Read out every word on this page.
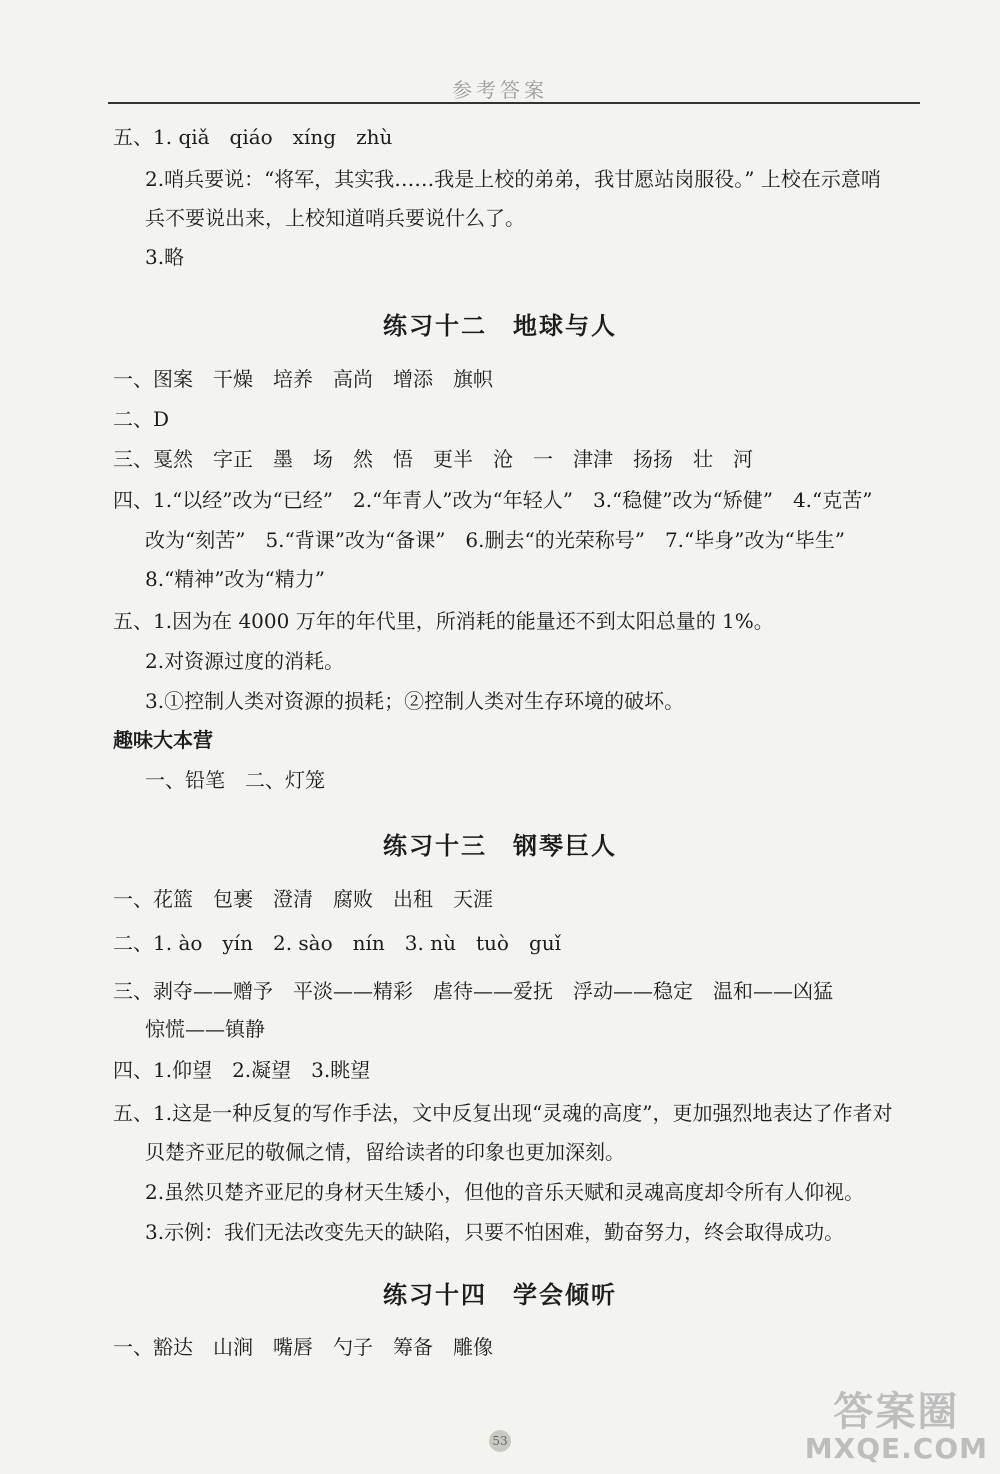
参考答案
五、1. qiǎ　qiáo　xíng　zhù
2.哨兵要说：“将军，其实我……我是上校的弟弟，我甘愿站岗服役。” 上校在示意哨
兵不要说出来，上校知道哨兵要说什么了。
3.略
练习十二　地球与人
一、图案　干燥　培养　高尚　增添　旗帜
二、D
三、戛然　字正　墨　场　然　悟　更半　沧　一　津津　扬扬　壮　河
四、1.“以经”改为“已经”　2.“年青人”改为“年轻人”　3.“稳健”改为“矫健”　4.“克苦”
改为“刻苦”　5.“背课”改为“备课”　6.删去“的光荣称号”　7.“毕身”改为“毕生”
8.“精神”改为“精力”
五、1.因为在 4000 万年的年代里，所消耗的能量还不到太阳总量的 1%。
2.对资源过度的消耗。
3.①控制人类对资源的损耗；②控制人类对生存环境的破坏。
趣味大本营
一、铅笔　二、灯笼
练习十三　钢琴巨人
一、花篮　包裹　澄清　腐败　出租　天涯
二、1. ào　yín　2. sào　nín　3. nù　tuò　guǐ
三、剥夺——赠予　平淡——精彩　虐待——爱抚　浮动——稳定　温和——凶猛
惊慌——镇静
四、1.仰望　2.凝望　3.眺望
五、1.这是一种反复的写作手法，文中反复出现“灵魂的高度”，更加强烈地表达了作者对
贝楚齐亚尼的敬佩之情，留给读者的印象也更加深刻。
2.虽然贝楚齐亚尼的身材天生矮小，但他的音乐天赋和灵魂高度却令所有人仰视。
3.示例：我们无法改变先天的缺陷，只要不怕困难，勤奋努力，终会取得成功。
练习十四　学会倾听
一、豁达　山涧　嘴唇　勺子　筹备　雕像
53
答案圈
MXQE.COM
